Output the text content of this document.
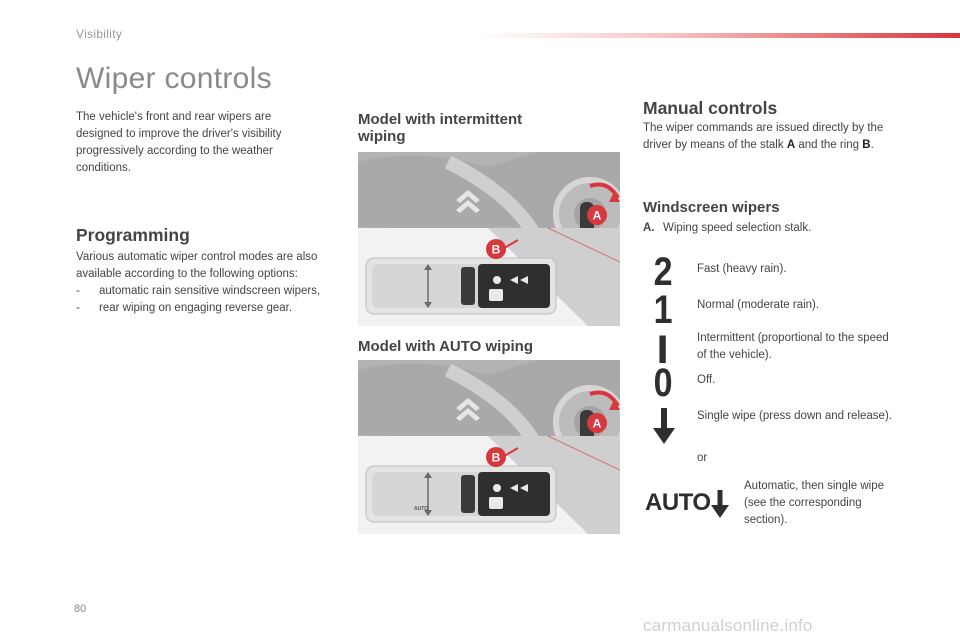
Visibility
Wiper controls

The vehicle's front and rear wipers are designed to improve the driver's visibility progressively according to the weather conditions.

Programming

Various automatic wiper control modes are also available according to the following options:

- automatic rain sensitive windscreen wipers,
- rear wiping on engaging reverse gear.
Model with intermittent wiping
A
B
Model with AUTO wiping
A
B
AUTO
Manual controls

The wiper commands are issued directly by the driver by means of the stalk A and the ring B.

Windscreen wipers
A. Wiping speed selection stalk.
2 Fast (heavy rain).
1 Normal (moderate rain).
I Intermittent (proportional to the speed of the vehicle).
0 Off.
Single wipe (press down and release).
or
AUTO
Automatic, then single wipe (see the corresponding section).
80
carmanualsonline.info
